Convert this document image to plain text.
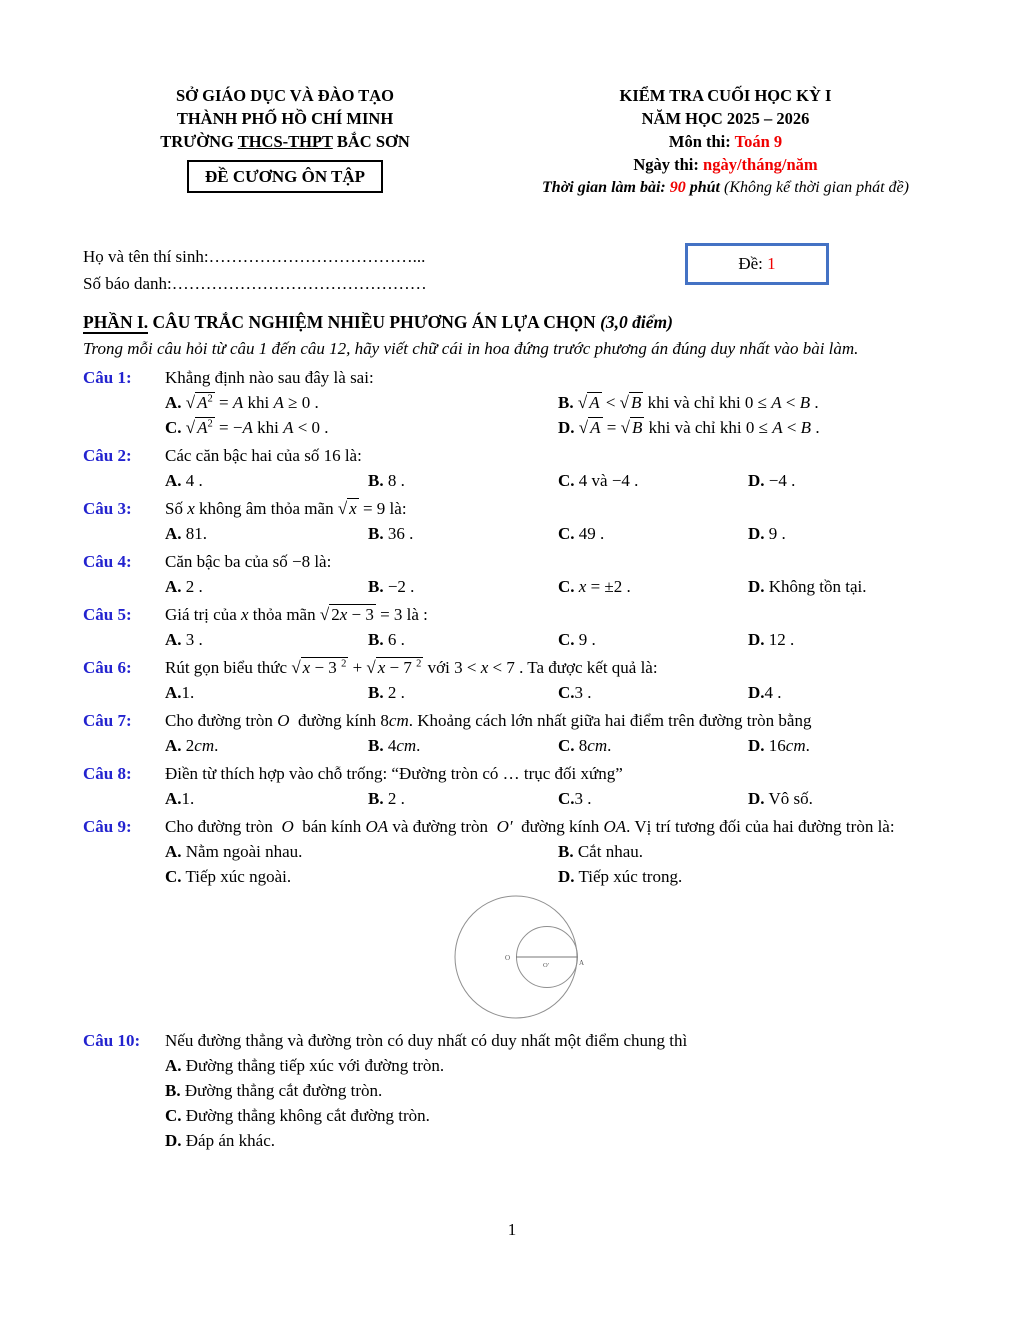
SỞ GIÁO DỤC VÀ ĐÀO TẠO
THÀNH PHỐ HỒ CHÍ MINH
TRƯỜNG THCS-THPT BẮC SƠN
ĐỀ CƯƠNG ÔN TẬP
KIỂM TRA CUỐI HỌC KỲ I
NĂM HỌC 2025 – 2026
Môn thi: Toán 9
Ngày thi: ngày/tháng/năm
Thời gian làm bài: 90 phút (Không kể thời gian phát đề)
Họ và tên thí sinh:………………………………...
Số báo danh:………………………………………
Đề: 1
PHẦN I. CÂU TRẮC NGHIỆM NHIỀU PHƯƠNG ÁN LỰA CHỌN (3,0 điểm)
Trong mỗi câu hỏi từ câu 1 đến câu 12, hãy viết chữ cái in hoa đứng trước phương án đúng duy nhất vào bài làm.
Câu 1: Khẳng định nào sau đây là sai:
A. √ $A^2 = A$ khi A ≥ 0 .	B. √ A < √ B khi và chỉ khi 0 ≤ A < B .
C. √ $A^2 = -A$ khi A < 0 .	D. √ A = √ B khi và chỉ khi 0 ≤ A < B .
Câu 2: Các căn bậc hai của số 16 là:
A. 4 .	B. 8 .	C. 4 và −4 .	D. −4 .
Câu 3: Số x không âm thỏa mãn √ x = 9 là:
A. 81.	B. 36 .	C. 49 .	D. 9 .
Câu 4: Căn bậc ba của số −8 là:
A. 2 .	B. −2 .	C. x = ±2 .	D. Không tồn tại.
Câu 5: Giá trị của x thỏa mãn √ 2x − 3 = 3 là :
A. 3 .	B. 6 .	C. 9 .	D. 12 .
Câu 6: Rút gọn biểu thức √ x − 3 $^2$ + √ x − 7 $^2$ với 3 < x < 7 . Ta được kết quả là:
A.1.	B. 2 .	C.3 .	D.4 .
Câu 7: Cho đường tròn O  đường kính 8cm. Khoảng cách lớn nhất giữa hai điểm trên đường tròn bằng
A. 2cm.	B. 4cm.	C. 8cm.	D. 16cm.
Câu 8: Điền từ thích hợp vào chỗ trống: “Đường tròn có … trục đối xứng”
A.1.	B. 2 .	C.3 .	D. Vô số.
Câu 9: Cho đường tròn  O  bán kính OA và đường tròn  O′  đường kính OA. Vị trí tương đối của hai đường tròn là:
A. Nằm ngoài nhau.	B. Cắt nhau.
C. Tiếp xúc ngoài.	D. Tiếp xúc trong.
O
O'	A
Câu 10: Nếu đường thẳng và đường tròn có duy nhất có duy nhất một điểm chung thì
A. Đường thẳng tiếp xúc với đường tròn.
B. Đường thẳng cắt đường tròn.
C. Đường thẳng không cắt đường tròn.
D. Đáp án khác.
1
